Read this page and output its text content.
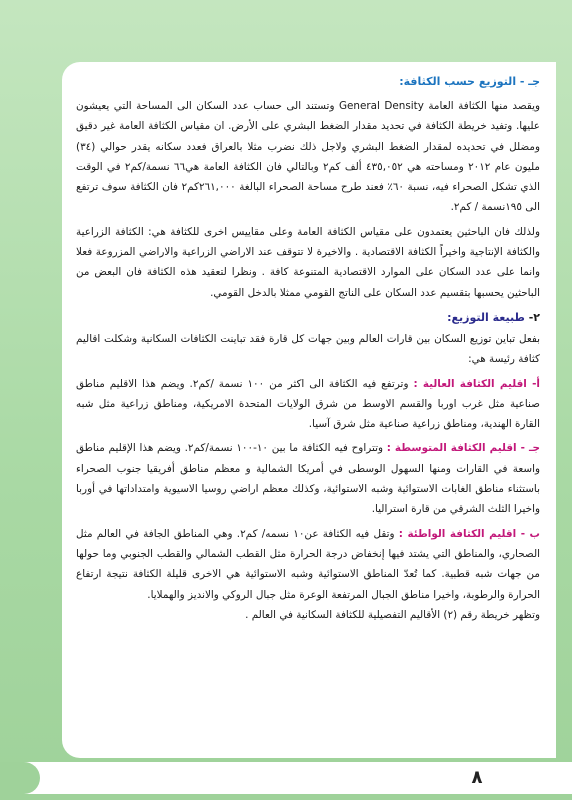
جـ - التوزيع حسب الكثافة:

ويقصد منها الكثافة العامة General Density وتستند الى حساب عدد السكان الى المساحة التي يعيشون عليها. وتفيد خريطة الكثافة في تحديد مقدار الضغط البشري على الأرض. ان مقياس الكثافة العامة غير دقيق ومضلل في تحديده لمقدار الضغط البشري ولاجل ذلك نضرب مثلا بالعراق فعدد سكانه يقدر حوالي (٣٤) مليون عام ٢٠١٢ ومساحته هي ٤٣٥,٠٥٢ ألف كم٢ وبالتالي فان الكثافة العامة هي٦٦ نسمة/كم٢ في الوقت الذي تشكل الصحراء فيه، نسبة ٦٠٪ فعند طرح مساحة الصحراء البالغة ٢٦١,٠٠٠كم٢ فان الكثافة سوف ترتفع الى ١٩٥نسمة / كم٢.

ولذلك فان الباحثين يعتمدون على مقياس الكثافة العامة وعلى مقاييس اخرى للكثافة هي: الكثافة الزراعية والكثافة الإنتاجية واخيراً الكثافة الاقتصادية . والاخيرة لا تتوقف عند الاراضي الزراعية والاراضي المزروعة فعلا وانما على عدد السكان على الموارد الاقتصادية المتنوعة كافة . ونظرا لتعقيد هذه الكثافة فان البعض من الباحثين يحسبها بتقسيم عدد السكان على الناتج القومي ممثلا بالدخل القومي.

٢- طبيعة التوزيع:

بفعل تباين توزيع السكان بين قارات العالم وبين جهات كل قارة فقد تباينت الكثافات السكانية وشكلت اقاليم كثافة رئيسة هي:

أ- اقليم الكثافة العالية : وترتفع فيه الكثافة الى اكثر من ١٠٠ نسمة /كم٢. ويضم هذا الاقليم مناطق صناعية مثل غرب اوربا والقسم الاوسط من شرق الولايات المتحدة الامريكية، ومناطق زراعية مثل شبه القارة الهندية، ومناطق زراعية صناعية مثل شرق آسيا.

جـ - اقليم الكثافة المتوسطة : وتتراوح فيه الكثافة ما بين ١٠-١٠٠ نسمة/كم٢. ويضم هذا الإقليم مناطق واسعة في القارات ومنها السهول الوسطى في أمريكا الشمالية و معظم مناطق أفريقيا جنوب الصحراء باستثناء مناطق الغابات الاستوائية وشبه الاستوائية، وكذلك معظم اراضي روسيا الاسيوية وامتداداتها في أوربا واخيرا الثلث الشرقي من قارة استراليا.

ب - اقليم الكثافة الواطئة : وتقل فيه الكثافة عن١٠ نسمه/ كم٢. وهي المناطق الجافة في العالم مثل الصحاري، والمناطق التي يشتد فيها إنخفاض درجة الحرارة مثل القطب الشمالي والقطب الجنوبي وما حولها من جهات شبه قطبية. كما تُعدّ المناطق الاستوائية وشبه الاستوائية هي الاخرى قليلة الكثافة نتيجة ارتفاع الحرارة والرطوبة، واخيرا مناطق الجبال المرتفعة الوعرة مثل جبال الروكي والانديز والهملايا.

وتظهر خريطة رقم (٢) الأقاليم التفصيلية للكثافة السكانية في العالم .

٨
